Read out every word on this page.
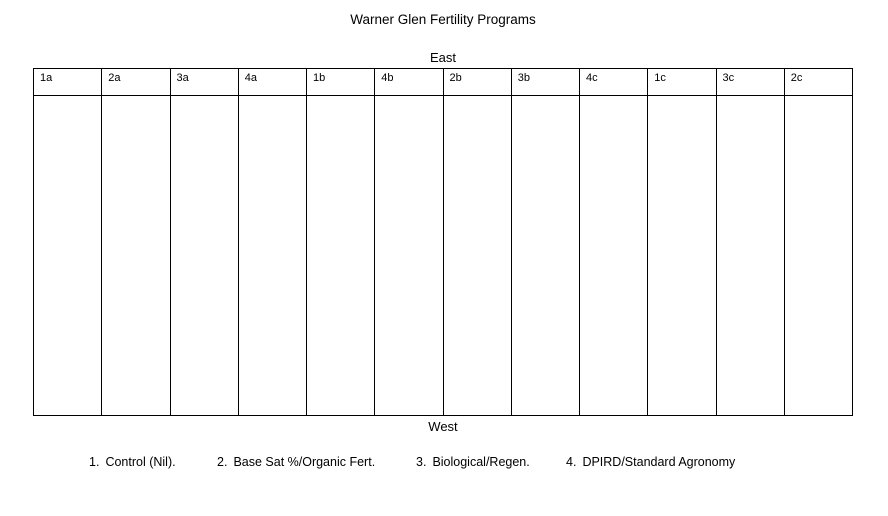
Warner Glen Fertility Programs
East
1a	2a	3a	4a	1b	4b	2b	3b	4c	1c	3c	2c

West
1. Control (Nil).	2. Base Sat %/Organic Fert.	3. Biological/Regen.	4. DPIRD/Standard Agronomy
